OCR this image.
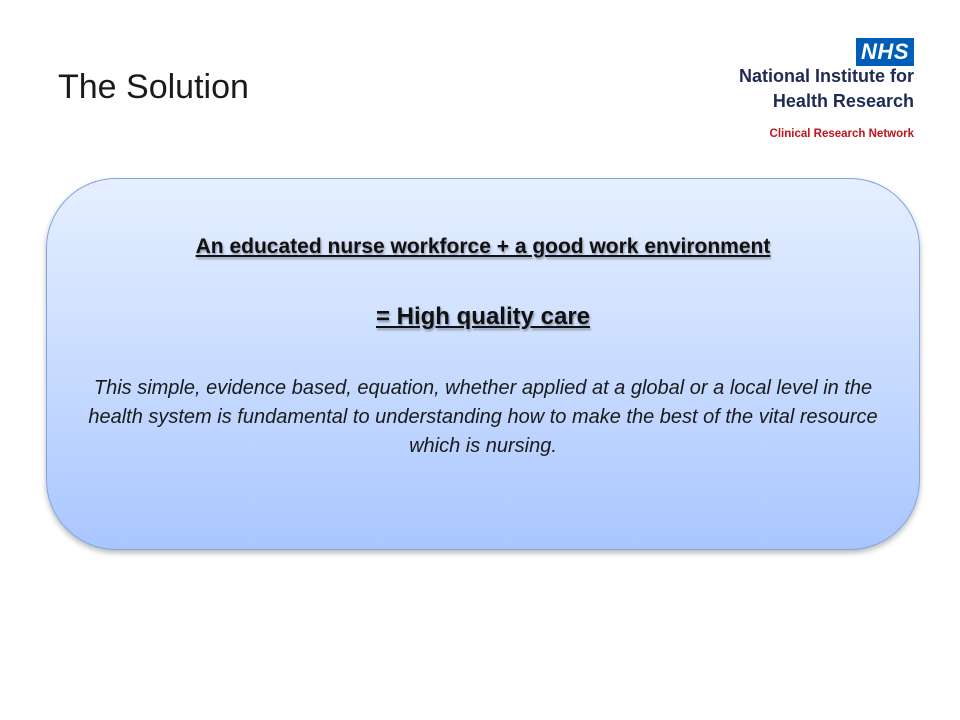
The Solution
NHS
National Institute for
Health Research
Clinical Research Network

An educated nurse workforce + a good work environment

= High quality care

This simple, evidence based, equation, whether applied at a global or a local level in the health system is fundamental to understanding how to make the best of the vital resource which is nursing.
